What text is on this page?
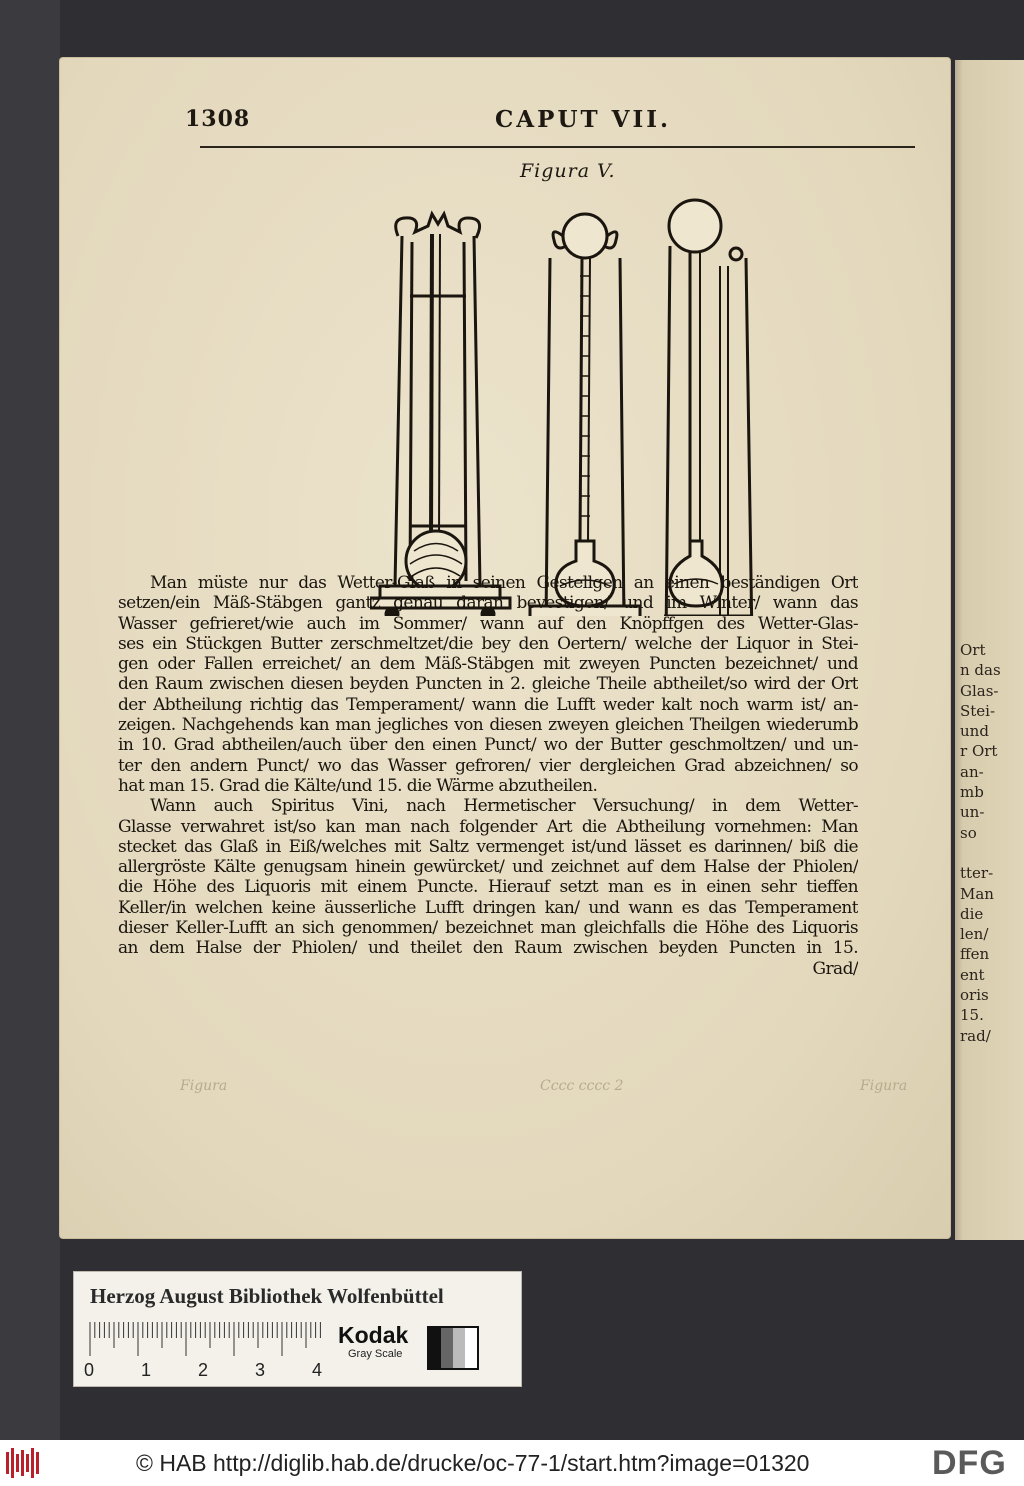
Ort
n das
Glas-
Stei-
und
r Ort
an-
mb
un-
so
tter-
Man
die
len/
ffen
ent
oris
15.
rad/
1308	CAPUT VII.
Figura V.
Figura	Cccc cccc 2	Figura
Man müste nur das Wetter-Glaß in seinen Gestellgen an einen beständigen Ort
setzen/ein Mäß-Stäbgen gantz genau daran bevestigen/ und im Winter/ wann das
Wasser gefrieret/wie auch im Sommer/ wann auf den Knöpffgen des Wetter-Glas-
ses ein Stückgen Butter zerschmeltzet/die bey den Oertern/ welche der Liquor in Stei-
gen oder Fallen erreichet/ an dem Mäß-Stäbgen mit zweyen Puncten bezeichnet/ und
den Raum zwischen diesen beyden Puncten in 2. gleiche Theile abtheilet/so wird der Ort
der Abtheilung richtig das Temperament/ wann die Lufft weder kalt noch warm ist/ an-
zeigen. Nachgehends kan man jegliches von diesen zweyen gleichen Theilgen wiederumb
in 10. Grad abtheilen/auch über den einen Punct/ wo der Butter geschmoltzen/ und un-
ter den andern Punct/ wo das Wasser gefroren/ vier dergleichen Grad abzeichnen/ so
hat man 15. Grad die Kälte/und 15. die Wärme abzutheilen.
Wann auch Spiritus Vini, nach Hermetischer Versuchung/ in dem Wetter-
Glasse verwahret ist/so kan man nach folgender Art die Abtheilung vornehmen: Man
stecket das Glaß in Eiß/welches mit Saltz vermenget ist/und lässet es darinnen/ biß die
allergröste Kälte genugsam hinein gewürcket/ und zeichnet auf dem Halse der Phiolen/
die Höhe des Liquoris mit einem Puncte. Hierauf setzt man es in einen sehr tieffen
Keller/in welchen keine äusserliche Lufft dringen kan/ und wann es das Temperament
dieser Keller-Lufft an sich genommen/ bezeichnet man gleichfalls die Höhe des Liquoris
an dem Halse der Phiolen/ und theilet den Raum zwischen beyden Puncten in 15.
Grad/
Herzog August Bibliothek Wolfenbüttel
0	1	2	3	4
Kodak
Gray Scale
© HAB http://diglib.hab.de/drucke/oc-77-1/start.htm?image=01320	DFG
